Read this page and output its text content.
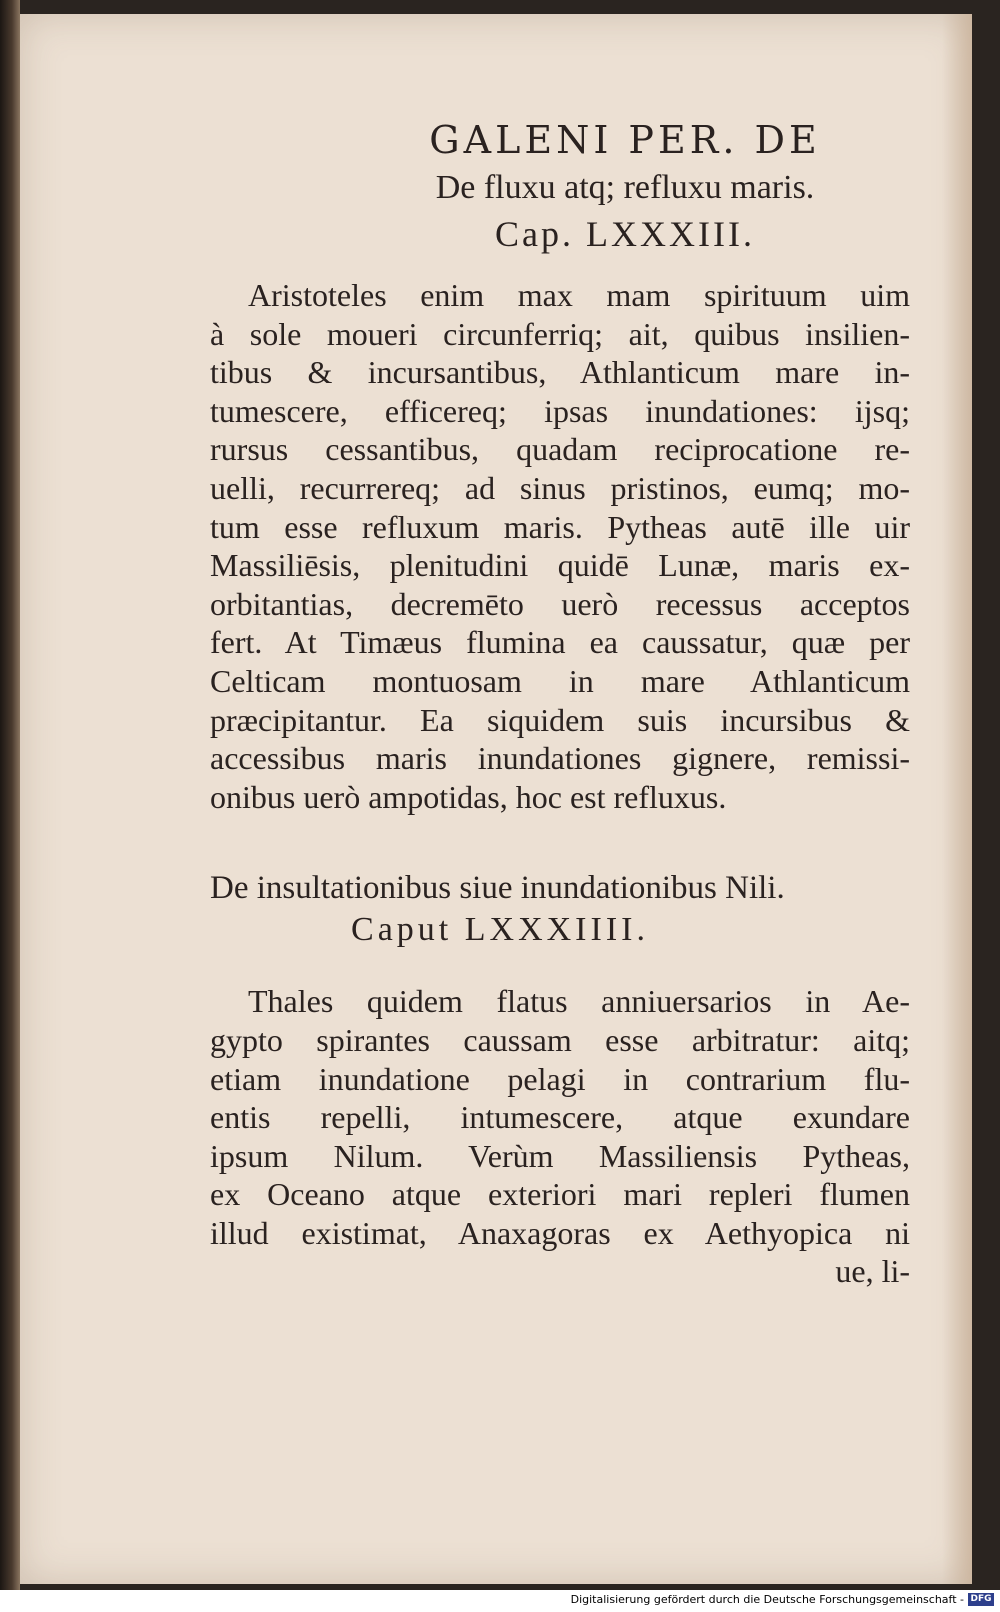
GALENI PER. DE
De fluxu atq; refluxu maris.
Cap. LXXXIII.
Aristoteles enim max mam spirituum uim
à sole moueri circunferriq; ait, quibus insilien-
tibus & incursantibus, Athlanticum mare in-
tumescere, efficereq; ipsas inundationes: ijsq;
rursus cessantibus, quadam reciprocatione re-
uelli, recurrereq; ad sinus pristinos, eumq; mo-
tum esse refluxum maris. Pytheas autē ille uir
Massiliēsis, plenitudini quidē Lunæ, maris ex-
orbitantias, decremēto uerò recessus acceptos
fert. At Timæus flumina ea caussatur, quæ per
Celticam montuosam in mare Athlanticum
præcipitantur. Ea siquidem suis incursibus &
accessibus maris inundationes gignere, remissi-
onibus uerò ampotidas, hoc est refluxus.
De insultationibus siue inundationibus Nili.
Caput LXXXIIII.
Thales quidem flatus anniuersarios in Ae-
gypto spirantes caussam esse arbitratur: aitq;
etiam inundatione pelagi in contrarium flu-
entis repelli, intumescere, atque exundare
ipsum Nilum. Verùm Massiliensis Pytheas,
ex Oceano atque exteriori mari repleri flumen
illud existimat, Anaxagoras ex Aethyopica ni
ue, li-
Digitalisierung gefördert durch die Deutsche Forschungsgemeinschaft - DFG
